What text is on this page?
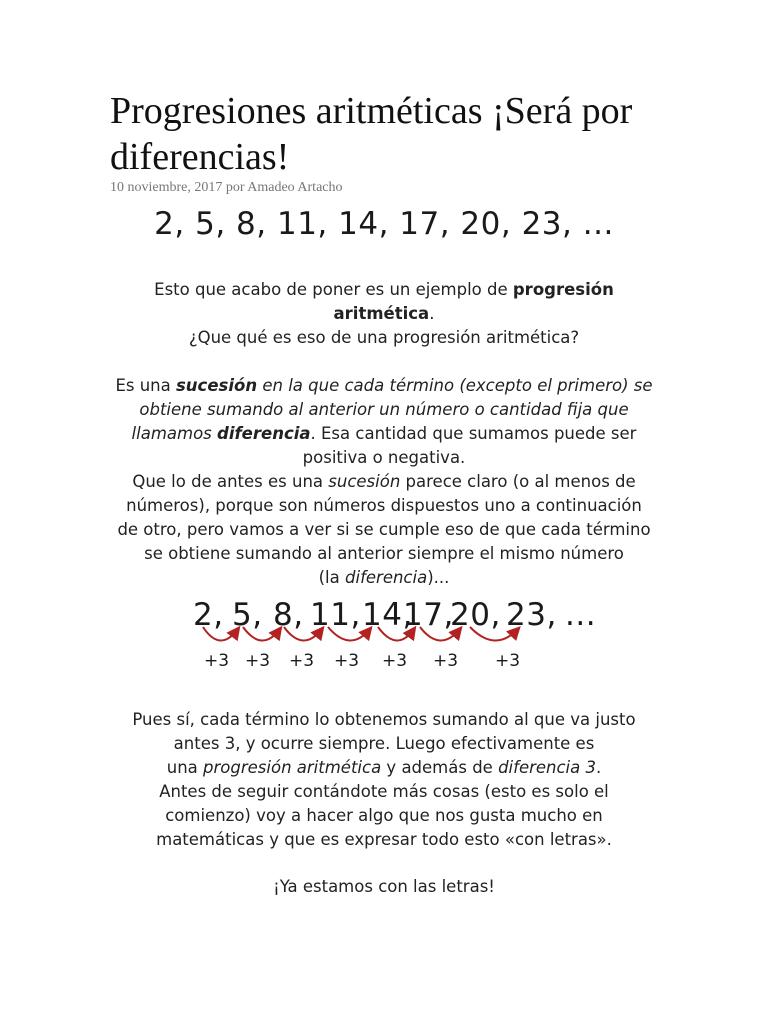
Progresiones aritméticas ¡Será por diferencias!
10 noviembre, 2017 por Amadeo Artacho
2, 5, 8, 11, 14, 17, 20, 23, ...
Esto que acabo de poner es un ejemplo de progresión
aritmética.
¿Que qué es eso de una progresión aritmética?
Es una sucesión en la que cada término (excepto el primero) se
obtiene sumando al anterior un número o cantidad fija que
llamamos diferencia. Esa cantidad que sumamos puede ser
positiva o negativa.
Que lo de antes es una sucesión parece claro (o al menos de
números), porque son números dispuestos uno a continuación
de otro, pero vamos a ver si se cumple eso de que cada término
se obtiene sumando al anterior siempre el mismo número
(la diferencia)...
2, 5, 8, 11, 14,
17,
20, 23, ...
+3 +3 +3 +3 +3 +3 +3
Pues sí, cada término lo obtenemos sumando al que va justo
antes 3, y ocurre siempre. Luego efectivamente es
una progresión aritmética y además de diferencia 3.
Antes de seguir contándote más cosas (esto es solo el
comienzo) voy a hacer algo que nos gusta mucho en
matemáticas y que es expresar todo esto «con letras».
¡Ya estamos con las letras!
